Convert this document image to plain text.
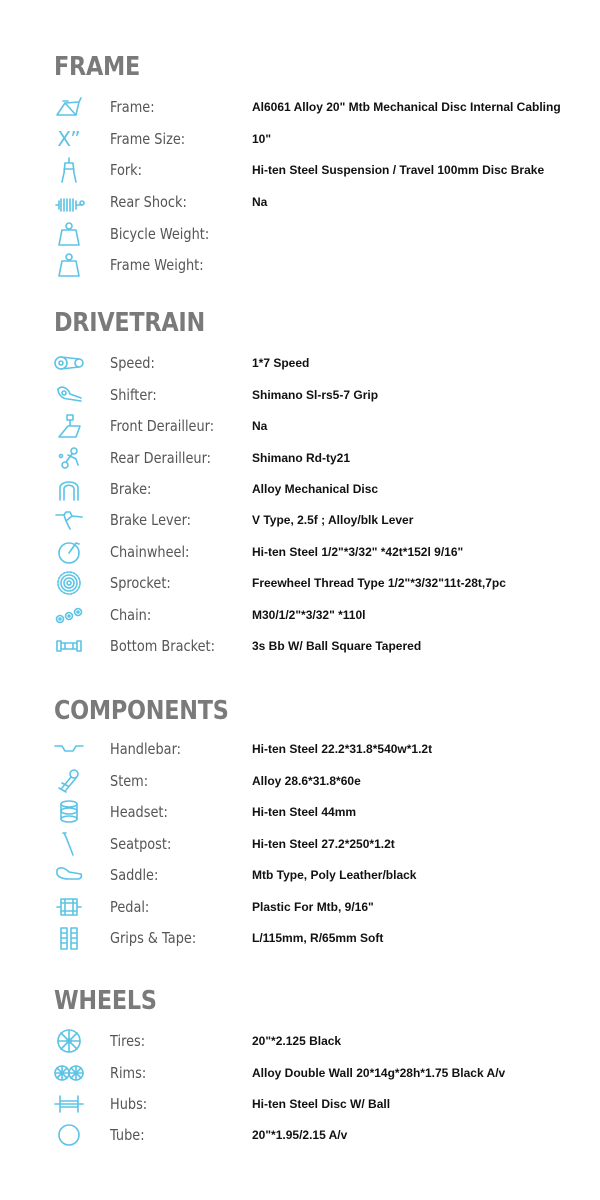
FRAME
Frame:	Al6061 Alloy 20" Mtb Mechanical Disc Internal Cabling
X” Frame Size:	10"
Fork:	Hi-ten Steel Suspension / Travel 100mm Disc Brake
Rear Shock:	Na
Bicycle Weight:
Frame Weight:
DRIVETRAIN
Speed:	1*7 Speed
Shifter:	Shimano Sl-rs5-7 Grip
Front Derailleur:	Na
Rear Derailleur:	Shimano Rd-ty21
Brake:	Alloy Mechanical Disc
Brake Lever:	V Type, 2.5f ; Alloy/blk Lever
Chainwheel:	Hi-ten Steel 1/2"*3/32" *42t*152l 9/16"
Sprocket:	Freewheel Thread Type 1/2"*3/32"11t-28t,7pc
Chain:	M30/1/2"*3/32" *110l
Bottom Bracket:	3s Bb W/ Ball Square Tapered
COMPONENTS
Handlebar:	Hi-ten Steel 22.2*31.8*540w*1.2t
Stem:	Alloy 28.6*31.8*60e
Headset:	Hi-ten Steel 44mm
Seatpost:	Hi-ten Steel 27.2*250*1.2t
Saddle:	Mtb Type, Poly Leather/black
Pedal:	Plastic For Mtb, 9/16"
Grips & Tape:	L/115mm, R/65mm Soft
WHEELS
Tires:	20"*2.125 Black
Rims:	Alloy Double Wall 20*14g*28h*1.75 Black A/v
Hubs:	Hi-ten Steel Disc W/ Ball
Tube:	20"*1.95/2.15 A/v
